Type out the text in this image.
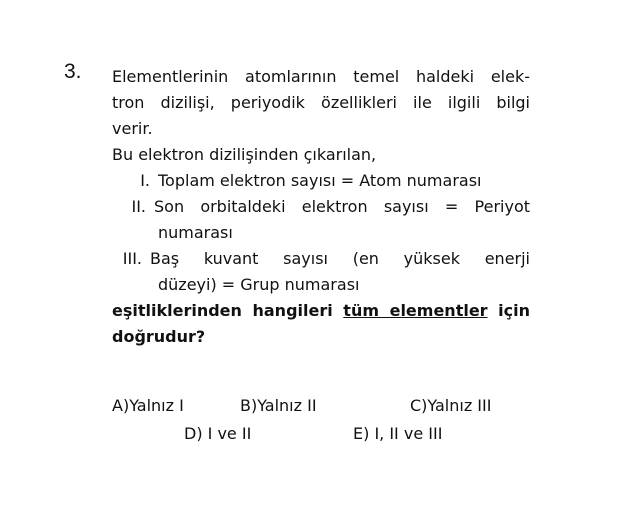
3. Elementlerinin atomlarının temel haldeki elek-
tron dizilişi, periyodik özellikleri ile ilgili bilgi
verir.
Bu elektron dizilişinden çıkarılan,
I. Toplam elektron sayısı = Atom numarası
II. Son orbitaldeki elektron sayısı = Periyot
numarası
III. Baş kuvant sayısı (en yüksek enerji
düzeyi) = Grup numarası
eşitliklerinden hangileri tüm elementler için
doğrudur?
A)Yalnız I	B)Yalnız II	C)Yalnız III
D) I ve II	E) I, II ve III
